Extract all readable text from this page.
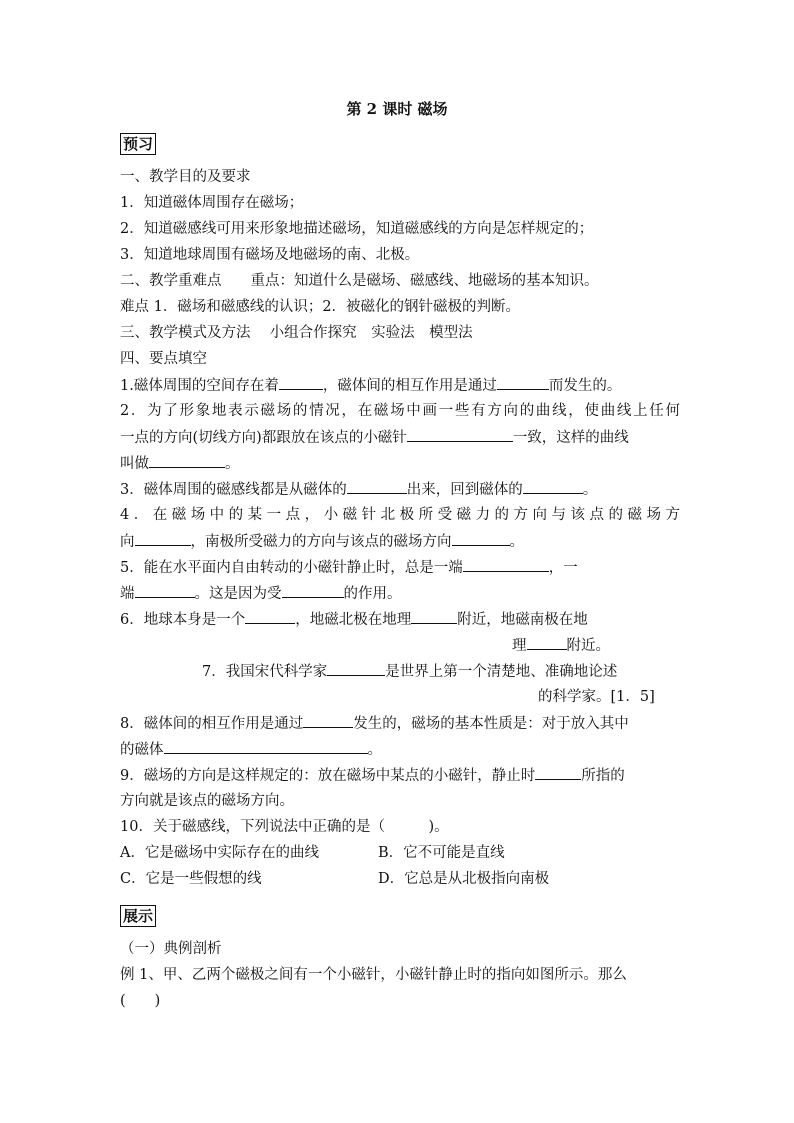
第 2 课时 磁场
预习
一、教学目的及要求
1．知道磁体周围存在磁场；
2．知道磁感线可用来形象地描述磁场，知道磁感线的方向是怎样规定的；
3．知道地球周围有磁场及地磁场的南、北极。
二、教学重难点　　重点：知道什么是磁场、磁感线、地磁场的基本知识。
难点 1．磁场和磁感线的认识；2．被磁化的钢针磁极的判断。
三、教学模式及方法　 小组合作探究　实验法　模型法
四、要点填空
1.磁体周围的空间存在着	，磁体间的相互作用是通过	而发生的。
2．为了形象地表示磁场的情况，在磁场中画一些有方向的曲线，使曲线上任何
一点的方向(切线方向)都跟放在该点的小磁针	一致，这样的曲线
叫做	。
3．磁体周围的磁感线都是从磁体的	出来，回到磁体的	。
4．在磁场中的某一点，小磁针北极所受磁力的方向与该点的磁场方
向	，南极所受磁力的方向与该点的磁场方向	。
5．能在水平面内自由转动的小磁针静止时，总是一端	，一
端	。这是因为受	的作用。
6．地球本身是一个	，地磁北极在地理	附近，地磁南极在地
理	附近。
7．我国宋代科学家	是世界上第一个清楚地、准确地论述
的科学家。[1．5]
8．磁体间的相互作用是通过	发生的，磁场的基本性质是：对于放入其中
的磁体	。
9．磁场的方向是这样规定的：放在磁场中某点的小磁针，静止时	所指的
方向就是该点的磁场方向。
10．关于磁感线，下列说法中正确的是（　　　)。
A．它是磁场中实际存在的曲线	B．它不可能是直线
C．它是一些假想的线	D．它总是从北极指向南极
展示
（一）典例剖析
例 1、甲、乙两个磁极之间有一个小磁针，小磁针静止时的指向如图所示。那么
(　　)
